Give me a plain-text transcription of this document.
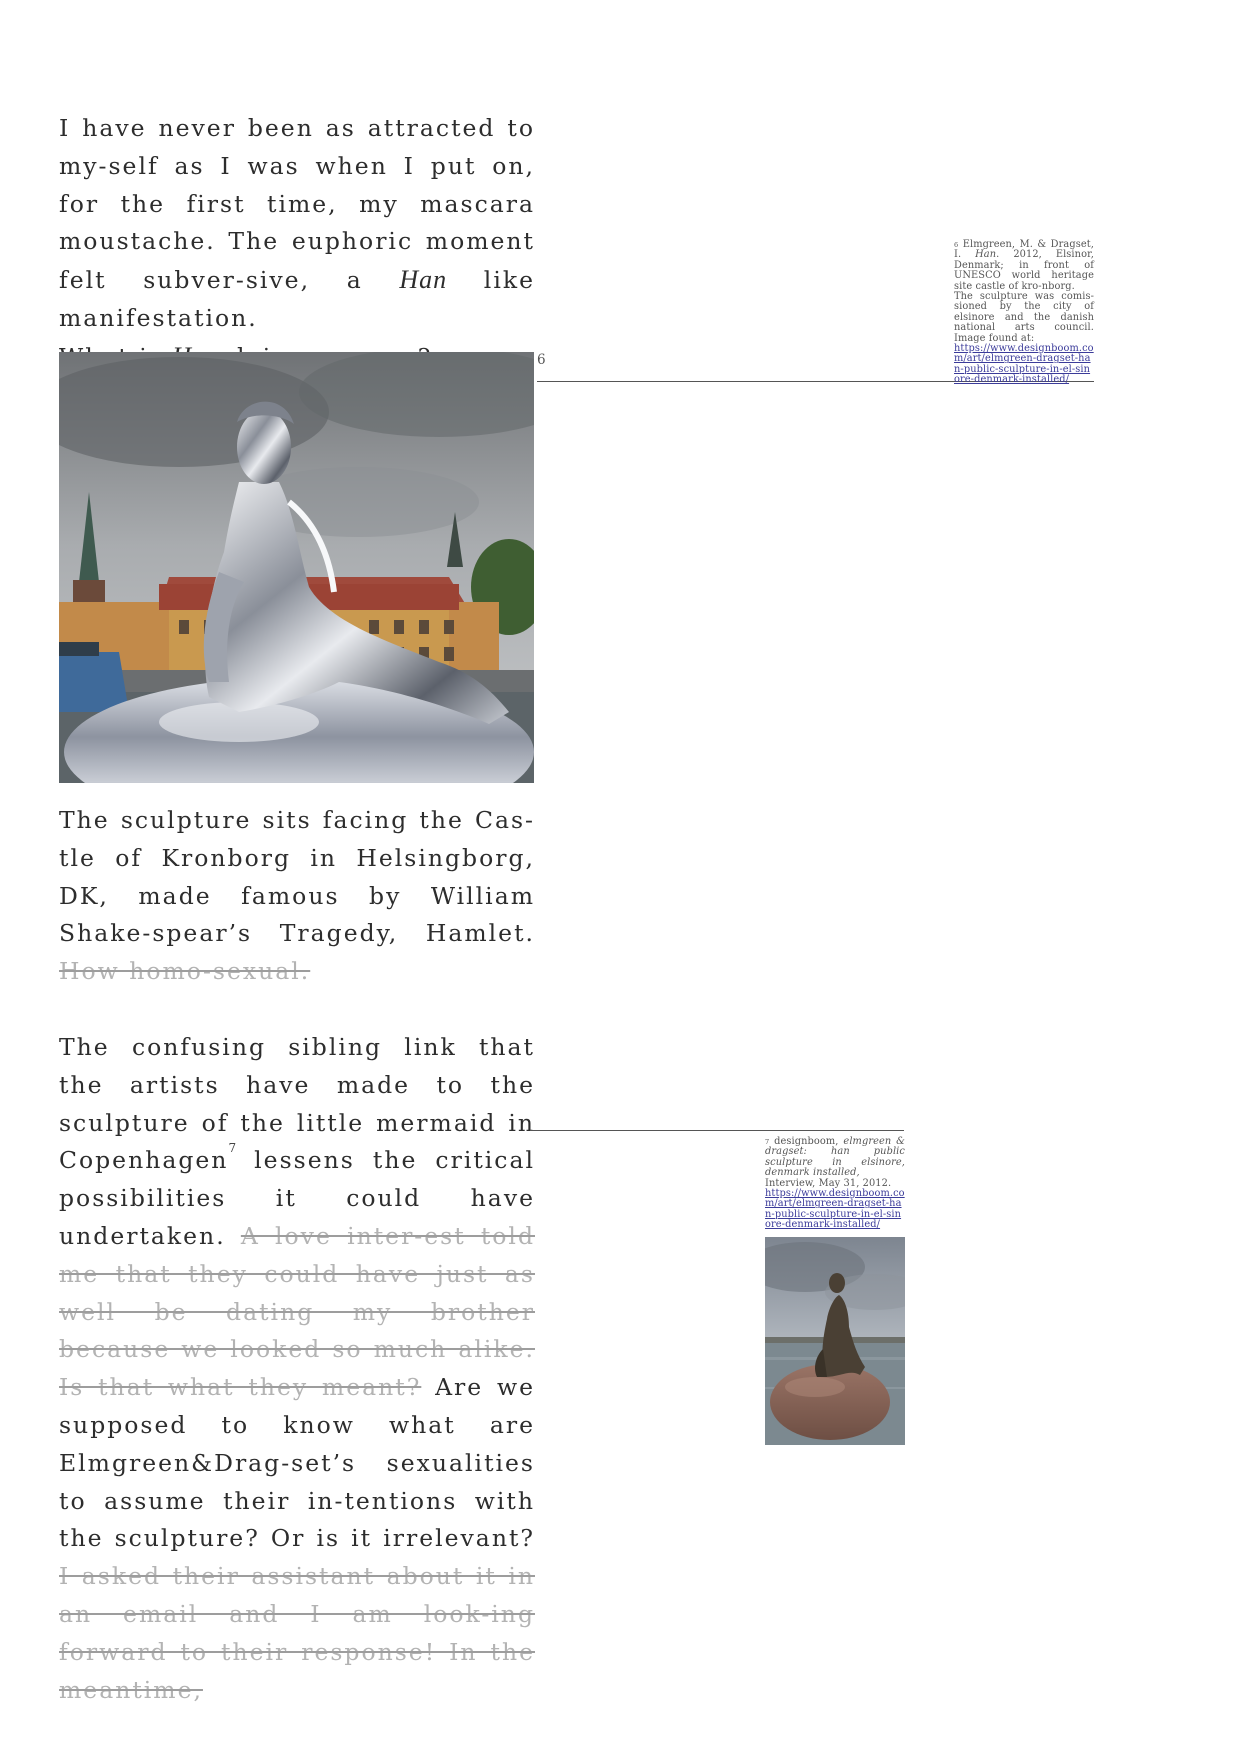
I have never been as attracted to my-self as I was when I put on, for the first time, my mascara moustache. The euphoric moment felt subver-sive, a Han like manifestation.

6
$^6$ Elmgreen, M. & Dragset, I. Han. 2012, Elsinor, Denmark; in front of UNESCO world heritage site castle of kro-nborg.
The sculpture was comis-sioned by the city of elsinore and the danish national arts council. Image found at:
https://www.designboom.com/art/elmgreen-dragset-han-public-sculpture-in-el-sinore-denmark-installed/

The sculpture sits facing the Cas-tle of Kronborg in Helsingborg, DK, made famous by William Shake-spear’s Tragedy, Hamlet. How homo-sexual.

The confusing sibling link that the artists have made to the sculpture of the little mermaid in Copenhagen$^7$ lessens the critical possibilities it could have undertaken. A love inter-est told me that they could have just as well be dating my brother because we looked so much alike. Is that what they meant? Are we supposed to know what are Elmgreen&Drag-set’s sexualities to assume their in-tentions with the sculpture? Or is it irrelevant? I asked their assistant about it in an email and I am look-ing forward to their response! In the meantime,

$^7$ designboom, elmgreen & dragset: han public sculpture in elsinore, denmark installed,
Interview, May 31, 2012.
https://www.designboom.com/art/elmgreen-dragset-han-public-sculpture-in-el-sinore-denmark-installed/
